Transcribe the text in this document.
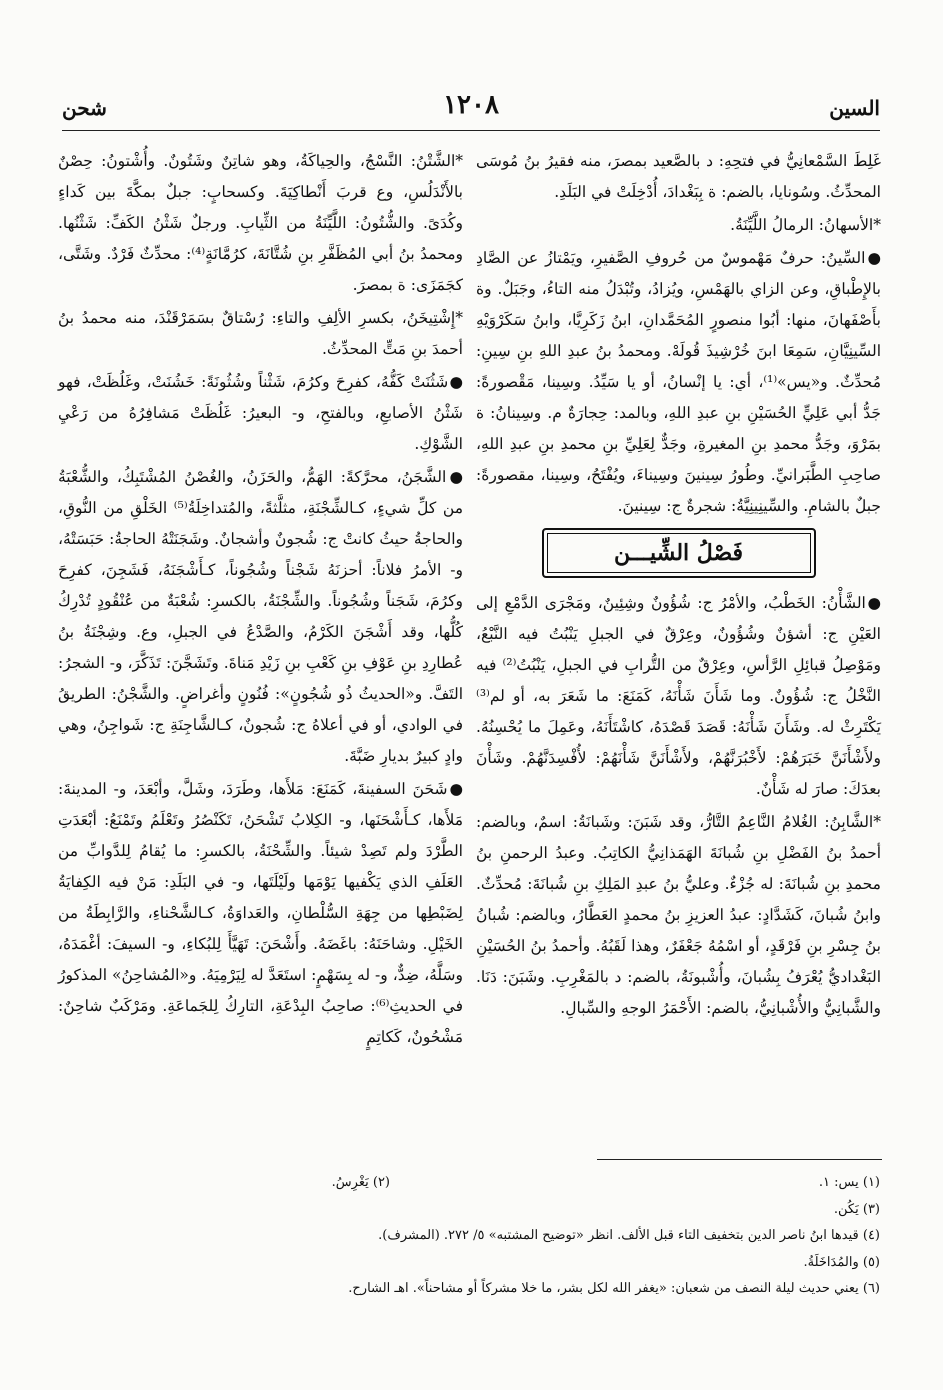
السين
١٢٠٨
شحن

غَلِطَ السَّمْعانِيُّ في فتحِهِ: د بالصَّعيد بمصرَ، منه فقيرُ بنُ مُوسَى المحدِّثُ. وسُونايا، بالضم: ة بِبَغْدادَ، أُدْخِلَتْ في البَلَدِ.

*الأسهانُ: الرمالُ اللَّيِّنَةُ.

●السِّينُ: حرفٌ مَهْموسٌ من حُروفِ الصَّفيرِ، ويَمْتازُ عن الصَّادِ بالإِطْباقِ، وعن الزاي بالهَمْسِ، ويُزادُ، وتُبْدَلُ منه التاءُ، وجَبَلٌ. وة بأَصْفَهانَ، منها: أبُوا منصورٍ المُحَمَّدانِ، ابنُ زَكَرِيَّا، وابنُ سَكَرْوَيْهِ السِّينِيَّانِ، سَمِعَا ابنَ خُرْشِيذَ قُولَهْ. ومحمدُ بنُ عبدِ اللهِ بنِ سِينِ: مُحدِّثٌ. و«يس»⁽¹⁾، أي: يا إنْسانُ، أو يا سَيِّدُ. وسِينا، مَقْصورةً: جَدُّ أبي عَلِيٍّ الحُسَيْنِ بنِ عبدِ اللهِ، وبالمد: حِجارَةٌ م. وسِينانُ: ة بمَرْوَ، وجَدُّ محمدِ بنِ المغيرةِ، وجَدٌّ لِعَلِيِّ بنِ محمدِ بنِ عبدِ اللهِ، صاحِبِ الطَّبَرانيِّ. وطُورُ سِينينَ وسِيناءَ، ويُفْتَحُ، وسِينا، مقصورةً: جبلٌ بالشامِ. والسِّينِينِيَّةُ: شجرةٌ ج: سِينينَ.

فَصْلُ الشِّيـــن

●الشَّأْنُ: الخَطْبُ، والأمْرُ ج: شُؤُونٌ وشِئِينٌ، ومَجْرَى الدَّمْعِ إلى العَيْنِ ج: أشؤنٌ وشُؤُونٌ، وعِرْقٌ في الجبلِ يَنْبُتُ فيه النَّبْعُ، ومَوْصِلُ قبائِلِ الرَّأسِ، وعِرْقٌ من التُّرابِ في الجبلِ، يَنْبُتُ⁽²⁾ فيه النَّخْلُ ج: شُؤُونٌ. وما شَأَنَ شَأْنَهُ، كَمَنَعَ: ما شَعَرَ به، أو لم⁽³⁾ يَكْتَرِثْ له. وشَأَنَ شَأْنَهُ: قَصَدَ قَصْدَهُ، كاشْتَأَنَهُ، وعَمِلَ ما يُحْسِنُهُ. ولأَشْأَنَنَّ خَبَرَهُمْ: لأَخْبُرَنَّهُمْ، ولأَشْأَنَنَّ شَأْنَهُمْ: لأُفْسِدَنَّهُمْ. وشَأْنَ بعدَكَ: صارَ له شَأْنٌ.

*الشَّابِنُ: الغُلامُ النَّاعِمُ التَّارُّ، وقد شَبَنَ: وشَبانَةُ: اسمٌ، وبالضم: أحمدُ بنُ الفَضْلِ بنِ شُبانَةَ الهَمَذانِيُّ الكاتِبُ. وعبدُ الرحمنِ بنُ محمدِ بنِ شُبانَةَ: له جُزْءٌ. وعليُّ بنُ عبدِ المَلِكِ بنِ شُبانَةَ: مُحدِّثٌ. وابنُ شُبانَ، كَشَدَّادٍ: عبدُ العزيزِ بنُ محمدٍ العَطَّارُ، وبالضم: شُبانُ بنُ جِسْرِ بنِ فَرْقَدٍ، أو اسْمُهُ جَعْفَرٌ، وهذا لَقَبُهُ. وأحمدُ بنُ الحُسَيْنِ البَغْداديُّ يُعْرَفُ بِشُبانَ، وأُشْبونَةُ، بالضم: د بالمَغْرِبِ. وشَبَنَ: دَنَا. والشَّبانِيُّ والأُشْبانِيُّ، بالضم: الأَحْمَرُ الوجهِ والسِّبالِ.

*الشَّتْنُ: النَّسْجُ، والحِياكَةُ، وهو شاتِنٌ وشَتُونٌ. وأُشْتونُ: حِصْنٌ بالأَنْدَلُسِ، وع قربَ أَنْطاكِيَةَ. وكسحابٍ: جبلٌ بمكَّةَ بين كَداءٍ وكُدَىً. والشُّتُونُ: اللَّيِّنَةُ من الثِّيابِ. ورجلٌ شَثْنُ الكَفِّ: شَثْنُها. ومحمدُ بنُ أبي المُظَفَّرِ بنِ شُتَّانَةَ، كرُمَّانَةٍ⁽⁴⁾: محدِّثٌ فَرْدٌ. وشَتَّى، كجَمَزَى: ة بمصرَ.

*إِشْتِيخَنُ، بكسرِ الألِفِ والتاءِ: رُسْتاقٌ بسَمَرْقَنْدَ، منه محمدُ بنُ أحمدَ بنِ مَتٍّ المحدِّثُ.

●شَثُنَتْ كَفُّهُ، كفرِحَ وكرُمَ، شَثْناً وشُثُونَةً: خَشُنَتْ، وغَلُظَتْ، فهو شَثْنُ الأصابعِ، وبالفتحِ، و- البعيرُ: غَلُظَتْ مَشافِرُهُ من رَعْيِ الشَّوْكِ.

●الشَّجَنُ، محرَّكةً: الهَمُّ، والحَزَنُ، والغُصْنُ المُشْتَبِكُ، والشُّعْبَةُ من كلِّ شيءٍ، كـالشِّجْنَةِ، مثلَّثةً، والمُتداخِلَةُ⁽⁵⁾ الخَلْقِ من النُّوقِ، والحاجةُ حيثُ كانتْ ج: شُجونٌ وأشجانٌ. وشَجَنَتْهُ الحاجةُ: حَبَسَتْهُ، و- الأمرُ فلاناً: أحزنَهُ شَجْناً وشُجُوناً، كـأَشْجَنَهُ، فَشَجِنَ، كفرِحَ وكرُمَ، شَجَناً وشُجُوناً. والشِّجْنَةُ، بالكسرِ: شُعْبَةٌ من عُنْقُودٍ تُدْرِكُ كُلُّها، وقد أَشْجَنَ الكَرْمُ، والصَّدْعُ في الجبلِ، وع. وشِجْنَةُ بنُ عُطارِدِ بنِ عَوْفِ بنِ كَعْبِ بنِ زَيْدِ مَناةَ. وتَشَجَّنَ: تَذَكَّرَ، و- الشجرُ: التَفَّ. و«الحديثُ ذُو شُجُونٍ»: فُنُونٍ وأغراضٍ. والشَّجْنُ: الطريقُ في الوادي، أو في أعلاهُ ج: شُجونٌ، كـالشَّاجِنَةِ ج: شَواجِنُ، وهي وادٍ كبيرٌ بديارِ ضَبَّةَ.

●شَحَنَ السفينةَ، كَمَنَعَ: مَلأَها، وطَرَدَ، وشَلَّ، وأبْعَدَ، و- المدينةَ: مَلأَها، كـأَشْحَنَها، و- الكِلابُ تَشْحَنُ، تَكَنْصُرُ وتَعْلَمُ وتَمْنَعُ: أبْعَدَتِ الطَّرْدَ ولم تَصِدْ شيئاً. والشِّحْنَةُ، بالكسرِ: ما يُقامُ لِلدَّوابِّ من العَلَفِ الذي يَكْفيها يَوْمَها ولَيْلَتَها، و- في البَلَدِ: مَنْ فيه الكِفايَةُ لِضَبْطِها من جِهَةِ السُّلْطانِ، والعَداوَةُ، كـالشَّحْناءِ، والرَّابِطَةُ من الخَيْلِ. وشاحَنَهُ: باغَضَهُ. وأَشْحَنَ: تَهَيَّأَ لِلبُكاءِ، و- السيفَ: أغْمَدَهُ، وسَلَّهُ، ضِدٌّ، و- له بِسَهْمٍ: استَعَدَّ له لِيَرْمِيَهُ. و«المُشاحِنُ» المذكورُ في الحديثِ⁽⁶⁾: صاحِبُ البِدْعَةِ، التارِكُ لِلجَماعَةِ. ومَرْكَبٌ شاحِنٌ: مَشْحُونٌ، كَكاتِمٍ

(١) يس: ١.
(٣) يَكُن.
(٤) قيدها ابنُ ناصر الدين بتخفيف التاء قبل الألف. انظر «توضيح المشتبه» ٥/ ٢٧٢. (المشرف).
(٥) والمُدَاخَلَةُ.
(٦) يعني حديث ليلة النصف من شعبان: «يغفر الله لكل بشر، ما خلا مشركاً أو مشاحناً». اهـ الشارح.
(٢) يَغْرِسُ.
